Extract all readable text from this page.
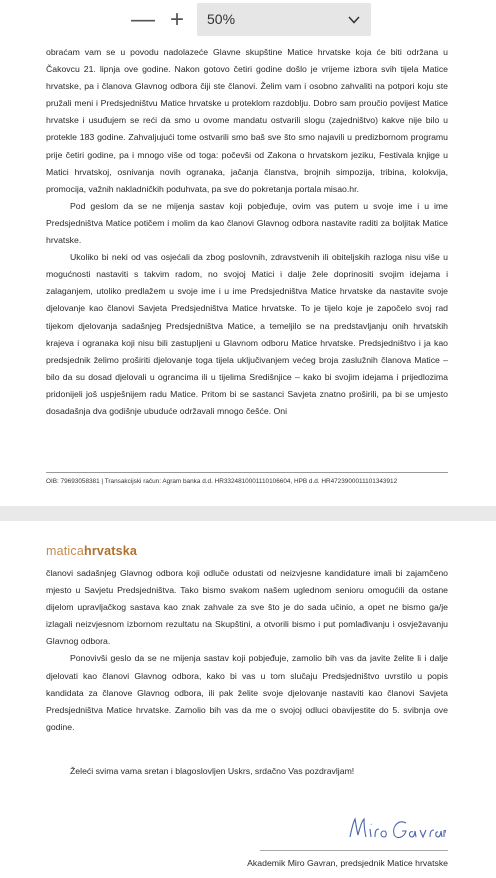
— + 50%

obraćam vam se u povodu nadolazeće Glavne skupštine Matice hrvatske koja će biti održana u Čakovcu 21. lipnja ove godine. Nakon gotovo četiri godine došlo je vrijeme izbora svih tijela Matice hrvatske, pa i članova Glavnog odbora čiji ste članovi. Želim vam i osobno zahvaliti na potpori koju ste pružali meni i Predsjedništvu Matice hrvatske u proteklom razdoblju. Dobro sam proučio povijest Matice hrvatske i usuđujem se reći da smo u ovome mandatu ostvarili slogu (zajedništvo) kakve nije bilo u protekle 183 godine. Zahvaljujući tome ostvarili smo baš sve što smo najavili u predizbornom programu prije četiri godine, pa i mnogo više od toga: počevši od Zakona o hrvatskom jeziku, Festivala knjige u Matici hrvatskoj, osnivanja novih ogranaka, jačanja članstva, brojnih simpozija, tribina, kolokvija, promocija, važnih nakladničkih poduhvata, pa sve do pokretanja portala misao.hr.

Pod geslom da se ne mijenja sastav koji pobjeđuje, ovim vas putem u svoje ime i u ime Predsjedništva Matice potičem i molim da kao članovi Glavnog odbora nastavite raditi za boljitak Matice hrvatske.

Ukoliko bi neki od vas osjećali da zbog poslovnih, zdravstvenih ili obiteljskih razloga nisu više u mogućnosti nastaviti s takvim radom, no svojoj Matici i dalje žele doprinositi svojim idejama i zalaganjem, utoliko predlažem u svoje ime i u ime Predsjedništva Matice hrvatske da nastavite svoje djelovanje kao članovi Savjeta Predsjedništva Matice hrvatske. To je tijelo koje je započelo svoj rad tijekom djelovanja sadašnjeg Predsjedništva Matice, a temeljilo se na predstavljanju onih hrvatskih krajeva i ogranaka koji nisu bili zastupljeni u Glavnom odboru Matice hrvatske. Predsjedništvo i ja kao predsjednik želimo proširiti djelovanje toga tijela uključivanjem većeg broja zaslužnih članova Matice – bilo da su dosad djelovali u ograncima ili u tijelima Središnjice – kako bi svojim idejama i prijedlozima pridonijeli još uspješnijem radu Matice. Pritom bi se sastanci Savjeta znatno proširili, pa bi se umjesto dosadašnja dva godišnje ubuduće održavali mnogo češće. Oni

OIB: 79693058381 | Transakcijski račun: Agram banka d.d. HR3324810001110106604, HPB d.d. HR4723900011101343912
maticahrvatska

članovi sadašnjeg Glavnog odbora koji odluče odustati od neizvjesne kandidature imali bi zajamčeno mjesto u Savjetu Predsjedništva. Tako bismo svakom našem uglednom senioru omogućili da ostane dijelom upravljačkog sastava kao znak zahvale za sve što je do sada učinio, a opet ne bismo ga/je izlagali neizvjesnom izbornom rezultatu na Skupštini, a otvorili bismo i put pomlađivanju i osvježavanju Glavnog odbora.

Ponovivši geslo da se ne mijenja sastav koji pobjeđuje, zamolio bih vas da javite želite li i dalje djelovati kao članovi Glavnog odbora, kako bi vas u tom slučaju Predsjedništvo uvrstilo u popis kandidata za članove Glavnog odbora, ili pak želite svoje djelovanje nastaviti kao članovi Savjeta Predsjedništva Matice hrvatske. Zamolio bih vas da me o svojoj odluci obavijestite do 5. svibnja ove godine.

Želeći svima vama sretan i blagoslovljen Uskrs, srdačno Vas pozdravljam!
Akademik Miro Gavran, predsjednik Matice hrvatske
